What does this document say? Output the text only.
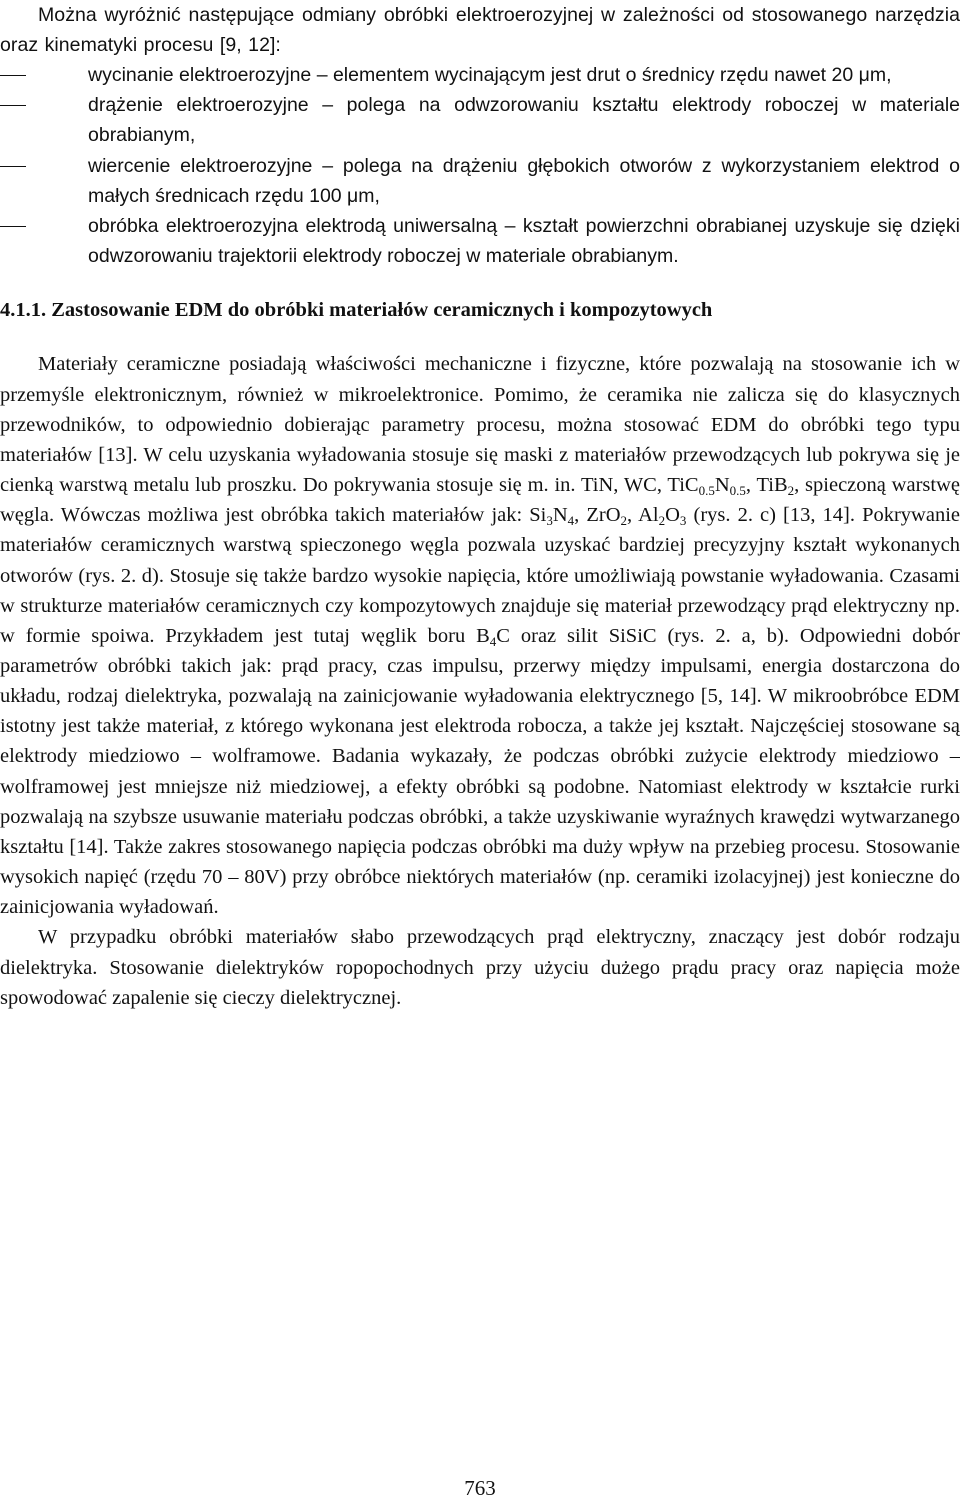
Można wyróżnić następujące odmiany obróbki elektroerozyjnej w zależności od stosowanego narzędzia oraz kinematyki procesu [9, 12]:

wycinanie elektroerozyjne – elementem wycinającym jest drut o średnicy rzędu nawet 20 μm,
drążenie elektroerozyjne – polega na odwzorowaniu kształtu elektrody roboczej w materiale obrabianym,
wiercenie elektroerozyjne – polega na drążeniu głębokich otworów z wykorzystaniem elektrod o małych średnicach rzędu 100 μm,
obróbka elektroerozyjna elektrodą uniwersalną – kształt powierzchni obrabianej uzyskuje się dzięki odwzorowaniu trajektorii elektrody roboczej w materiale obrabianym.
4.1.1. Zastosowanie EDM do obróbki materiałów ceramicznych i kompozytowych

Materiały ceramiczne posiadają właściwości mechaniczne i fizyczne, które pozwalają na stosowanie ich w przemyśle elektronicznym, również w mikroelektronice. Pomimo, że ceramika nie zalicza się do klasycznych przewodników, to odpowiednio dobierając parametry procesu, można stosować EDM do obróbki tego typu materiałów [13]. W celu uzyskania wyładowania stosuje się maski z materiałów przewodzących lub pokrywa się je cienką warstwą metalu lub proszku. Do pokrywania stosuje się m. in. TiN, WC, $TiC_{0.5}N_{0.5}$, TiB$_2$, spieczoną warstwę węgla. Wówczas możliwa jest obróbka takich materiałów jak: $Si_3N_4$, ZrO$_2$, $Al_2O_3$ (rys. 2. c) [13, 14]. Pokrywanie materiałów ceramicznych warstwą spieczonego węgla pozwala uzyskać bardziej precyzyjny kształt wykonanych otworów (rys. 2. d). Stosuje się także bardzo wysokie napięcia, które umożliwiają powstanie wyładowania. Czasami w strukturze materiałów ceramicznych czy kompozytowych znajduje się materiał przewodzący prąd elektryczny np. w formie spoiwa. Przykładem jest tutaj węglik boru $B_4C$ oraz silit SiSiC (rys. 2. a, b). Odpowiedni dobór parametrów obróbki takich jak: prąd pracy, czas impulsu, przerwy między impulsami, energia dostarczona do układu, rodzaj dielektryka, pozwalają na zainicjowanie wyładowania elektrycznego [5, 14]. W mikroobróbce EDM istotny jest także materiał, z którego wykonana jest elektroda robocza, a także jej kształt. Najczęściej stosowane są elektrody miedziowo – wolframowe. Badania wykazały, że podczas obróbki zużycie elektrody miedziowo – wolframowej jest mniejsze niż miedziowej, a efekty obróbki są podobne. Natomiast elektrody w kształcie rurki pozwalają na szybsze usuwanie materiału podczas obróbki, a także uzyskiwanie wyraźnych krawędzi wytwarzanego kształtu [14]. Także zakres stosowanego napięcia podczas obróbki ma duży wpływ na przebieg procesu. Stosowanie wysokich napięć (rzędu 70 – 80V) przy obróbce niektórych materiałów (np. ceramiki izolacyjnej) jest konieczne do zainicjowania wyładowań.

W przypadku obróbki materiałów słabo przewodzących prąd elektryczny, znaczący jest dobór rodzaju dielektryka. Stosowanie dielektryków ropopochodnych przy użyciu dużego prądu pracy oraz napięcia może spowodować zapalenie się cieczy dielektrycznej.

763
